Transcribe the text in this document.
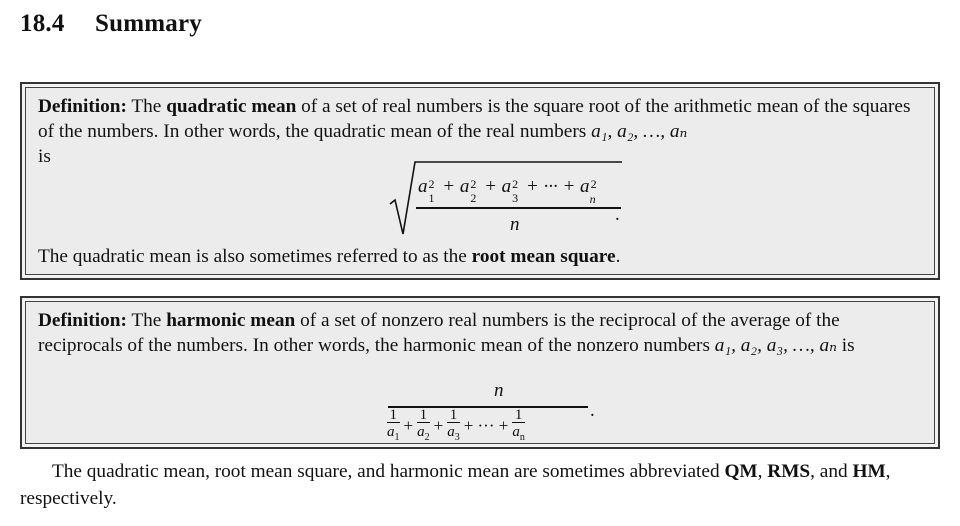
18.4 Summary
Definition: The quadratic mean of a set of real numbers is the square root of the arithmetic mean of the squares of the numbers. In other words, the quadratic mean of the real numbers a₁, a₂, …, aₙ
is
a 2
1
+ a 2
2
+ a 2
3
+ ··· + a 2
n
n	.
The quadratic mean is also sometimes referred to as the root mean square.
Definition: The harmonic mean of a set of nonzero real numbers is the reciprocal of the average of the reciprocals of the numbers. In other words, the harmonic mean of the nonzero numbers a₁, a₂, a₃, …, aₙ is
n
$\frac{1}{a_1} + \frac{1}{a_2} + \frac{1}{a_3}$ + ··· + $\frac{1}{a_n}$	.
The quadratic mean, root mean square, and harmonic mean are sometimes abbreviated QM, RMS, and HM, respectively.
